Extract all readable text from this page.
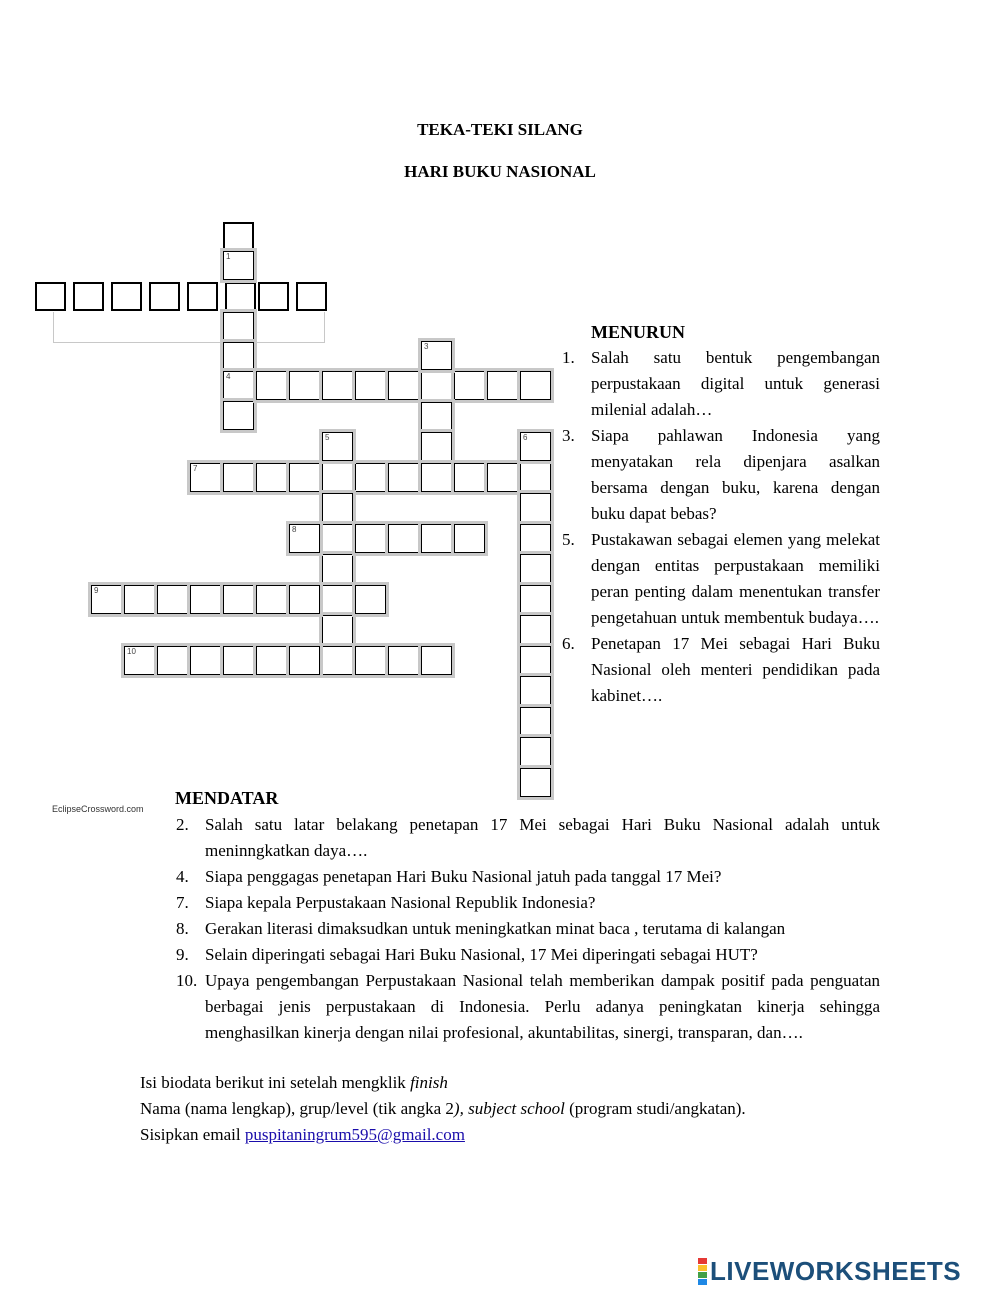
TEKA-TEKI SILANG
HARI BUKU NASIONAL
1
4
3
7
5
8
9
10
6
EclipseCrossword.com
MENURUN
1. Salah satu bentuk pengembangan perpustakaan digital untuk generasi milenial adalah…
3. Siapa pahlawan Indonesia yang menyatakan rela dipenjara asalkan bersama dengan buku, karena dengan buku dapat bebas?
5. Pustakawan sebagai elemen yang melekat dengan entitas perpustakaan memiliki peran penting dalam menentukan transfer pengetahuan untuk membentuk budaya….
6. Penetapan 17 Mei sebagai Hari Buku Nasional oleh menteri pendidikan pada kabinet….
MENDATAR
2. Salah satu latar belakang penetapan 17 Mei sebagai Hari Buku Nasional adalah untuk meninngkatkan daya….
4. Siapa penggagas penetapan Hari Buku Nasional jatuh pada tanggal 17 Mei?
7. Siapa kepala Perpustakaan Nasional Republik Indonesia?
8. Gerakan literasi dimaksudkan untuk meningkatkan minat baca , terutama di kalangan
9. Selain diperingati sebagai Hari Buku Nasional, 17 Mei diperingati sebagai HUT?
10. Upaya pengembangan Perpustakaan Nasional telah memberikan dampak positif pada penguatan berbagai jenis perpustakaan di Indonesia. Perlu adanya peningkatan kinerja sehingga menghasilkan kinerja dengan nilai profesional, akuntabilitas, sinergi, transparan, dan….
Isi biodata berikut ini setelah mengklik finish
Nama (nama lengkap), grup/level (tik angka 2), subject school (program studi/angkatan).
Sisipkan email puspitaningrum595@gmail.com
LIVEWORKSHEETS
